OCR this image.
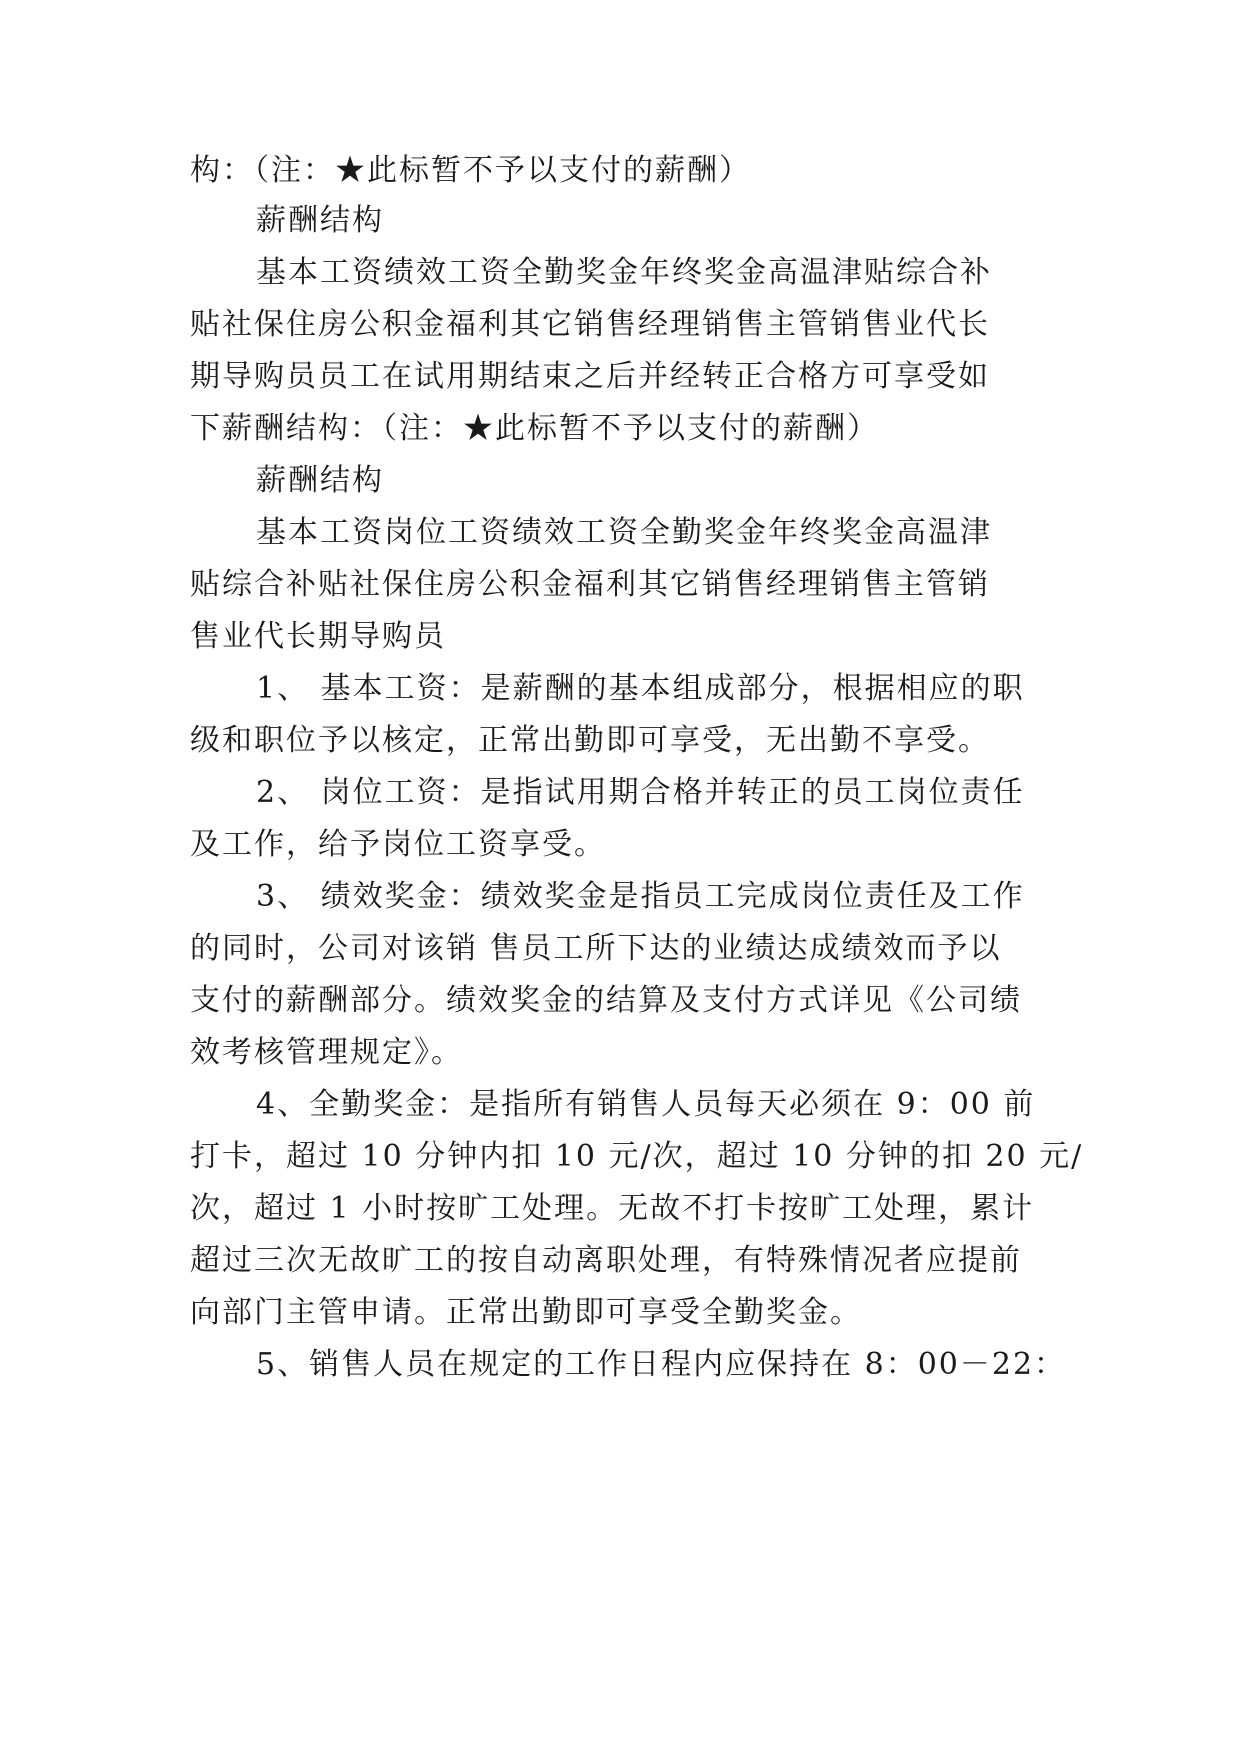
构：（注：★此标暂不予以支付的薪酬）
薪酬结构
基本工资绩效工资全勤奖金年终奖金高温津贴综合补
贴社保住房公积金福利其它销售经理销售主管销售业代长
期导购员员工在试用期结束之后并经转正合格方可享受如
下薪酬结构：（注：★此标暂不予以支付的薪酬）
薪酬结构
基本工资岗位工资绩效工资全勤奖金年终奖金高温津
贴综合补贴社保住房公积金福利其它销售经理销售主管销
售业代长期导购员
1、 基本工资：是薪酬的基本组成部分，根据相应的职
级和职位予以核定，正常出勤即可享受，无出勤不享受。
2、 岗位工资：是指试用期合格并转正的员工岗位责任
及工作，给予岗位工资享受。
3、 绩效奖金：绩效奖金是指员工完成岗位责任及工作
的同时，公司对该销 售员工所下达的业绩达成绩效而予以
支付的薪酬部分。绩效奖金的结算及支付方式详见《公司绩
效考核管理规定》。
4、全勤奖金：是指所有销售人员每天必须在 9：00 前
打卡，超过 10 分钟内扣 10 元/次，超过 10 分钟的扣 20 元/
次，超过 1 小时按旷工处理。无故不打卡按旷工处理，累计
超过三次无故旷工的按自动离职处理，有特殊情况者应提前
向部门主管申请。正常出勤即可享受全勤奖金。
5、销售人员在规定的工作日程内应保持在 8：00－22：
